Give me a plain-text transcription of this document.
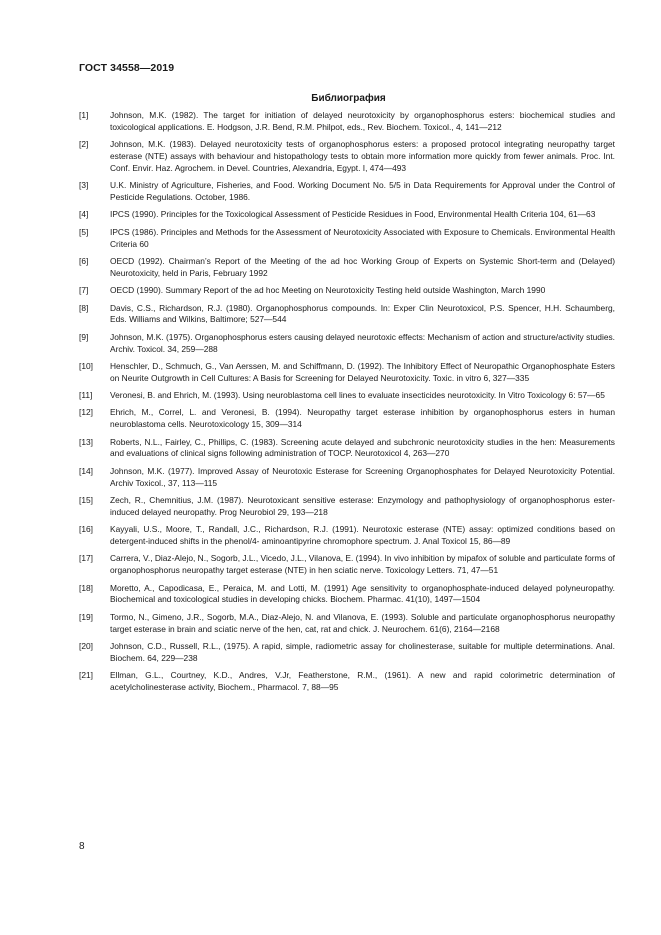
ГОСТ 34558—2019
Библиография
[1]	Johnson, M.K. (1982). The target for initiation of delayed neurotoxicity by organophosphorus esters: biochemical studies and toxicological applications. E. Hodgson, J.R. Bend, R.M. Philpot, eds., Rev. Biochem. Toxicol., 4, 141—212
[2]	Johnson, M.K. (1983). Delayed neurotoxicity tests of organophosphorus esters: a proposed protocol integrating neuropathy target esterase (NTE) assays with behaviour and histopathology tests to obtain more information more quickly from fewer animals. Proc. Int. Conf. Envir. Haz. Agrochem. in Devel. Countries, Alexandria, Egypt. I, 474—493
[3]	U.K. Ministry of Agriculture, Fisheries, and Food. Working Document No. 5/5 in Data Requirements for Approval under the Control of Pesticide Regulations. October, 1986.
[4]	IPCS (1990). Principles for the Toxicological Assessment of Pesticide Residues in Food, Environmental Health Criteria 104, 61—63
[5]	IPCS (1986). Principles and Methods for the Assessment of Neurotoxicity Associated with Exposure to Chemicals. Environmental Health Criteria 60
[6]	OECD (1992). Chairman’s Report of the Meeting of the ad hoc Working Group of Experts on Systemic Short-term and (Delayed) Neurotoxicity, held in Paris, February 1992
[7]	OECD (1990). Summary Report of the ad hoc Meeting on Neurotoxicity Testing held outside Washington, March 1990
[8]	Davis, C.S., Richardson, R.J. (1980). Organophosphorus compounds. In: Exper Clin Neurotoxicol, P.S. Spencer, H.H. Schaumberg, Eds. Williams and Wilkins, Baltimore; 527—544
[9]	Johnson, M.K. (1975). Organophosphorus esters causing delayed neurotoxic effects: Mechanism of action and structure/activity studies. Archiv. Toxicol. 34, 259—288
[10]	Henschler, D., Schmuch, G., Van Aerssen, M. and Schiffmann, D. (1992). The Inhibitory Effect of Neuropathic Organophosphate Esters on Neurite Outgrowth in Cell Cultures: A Basis for Screening for Delayed Neurotoxicity. Toxic. in vitro 6, 327—335
[11]	Veronesi, B. and Ehrich, M. (1993). Using neuroblastoma cell lines to evaluate insecticides neurotoxicity. In Vitro Toxicology 6: 57—65
[12]	Ehrich, M., Correl, L. and Veronesi, B. (1994). Neuropathy target esterase inhibition by organophosphorus esters in human neuroblastoma cells. Neurotoxicology 15, 309—314
[13]	Roberts, N.L., Fairley, C., Phillips, C. (1983). Screening acute delayed and subchronic neurotoxicity studies in the hen: Measurements and evaluations of clinical signs following administration of TOCP. Neurotoxicol 4, 263—270
[14]	Johnson, M.K. (1977). Improved Assay of Neurotoxic Esterase for Screening Organophosphates for Delayed Neurotoxicity Potential. Archiv Toxicol., 37, 113—115
[15]	Zech, R., Chemnitius, J.M. (1987). Neurotoxicant sensitive esterase: Enzymology and pathophysiology of organophosphorus ester-induced delayed neuropathy. Prog Neurobiol 29, 193—218
[16]	Kayyali, U.S., Moore, T., Randall, J.C., Richardson, R.J. (1991). Neurotoxic esterase (NTE) assay: optimized conditions based on detergent-induced shifts in the phenol/4- aminoantipyrine chromophore spectrum. J. Anal Toxicol 15, 86—89
[17]	Carrera, V., Diaz-Alejo, N., Sogorb, J.L., Vicedo, J.L., Vilanova, E. (1994). In vivo inhibition by mipafox of soluble and particulate forms of organophosphorus neuropathy target esterase (NTE) in hen sciatic nerve. Toxicology Letters. 71, 47—51
[18]	Moretto, A., Capodicasa, E., Peraica, M. and Lotti, M. (1991) Age sensitivity to organophosphate-induced delayed polyneuropathy. Biochemical and toxicological studies in developing chicks. Biochem. Pharmac. 41(10), 1497—1504
[19]	Tormo, N., Gimeno, J.R., Sogorb, M.A., Diaz-Alejo, N. and Vilanova, E. (1993). Soluble and particulate organophosphorus neuropathy target esterase in brain and sciatic nerve of the hen, cat, rat and chick. J. Neurochem. 61(6), 2164—2168
[20]	Johnson, C.D., Russell, R.L., (1975). A rapid, simple, radiometric assay for cholinesterase, suitable for multiple determinations. Anal. Biochem. 64, 229—238
[21]	Ellman, G.L., Courtney, K.D., Andres, V.Jr, Featherstone, R.M., (1961). A new and rapid colorimetric determination of acetylcholinesterase activity, Biochem., Pharmacol. 7, 88—95
8
